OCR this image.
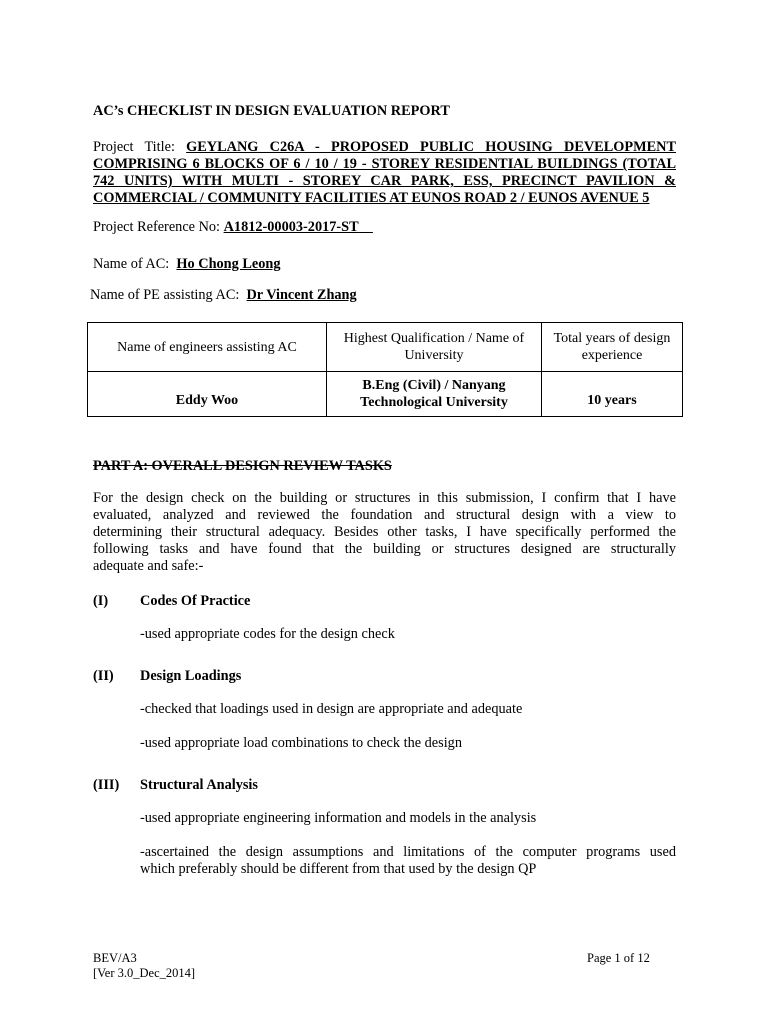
AC’s CHECKLIST IN DESIGN EVALUATION REPORT
Project Title: GEYLANG C26A - PROPOSED PUBLIC HOUSING DEVELOPMENT
COMPRISING 6 BLOCKS OF 6 / 10 / 19 - STOREY RESIDENTIAL BUILDINGS (TOTAL
742 UNITS) WITH MULTI - STOREY CAR PARK, ESS, PRECINCT PAVILION &
COMMERCIAL / COMMUNITY FACILITIES AT EUNOS ROAD 2 / EUNOS AVENUE 5
Project Reference No: A1812-00003-2017-ST
Name of AC: Ho Chong Leong
Name of PE assisting AC: Dr Vincent Zhang
Name of engineers assisting AC	Highest Qualification / Name of University	Total years of design experience
Eddy Woo	B.Eng (Civil) / Nanyang Technological University	10 years
PART A: OVERALL DESIGN REVIEW TASKS
For the design check on the building or structures in this submission, I confirm that I have
evaluated, analyzed and reviewed the foundation and structural design with a view to
determining their structural adequacy. Besides other tasks, I have specifically performed the
following tasks and have found that the building or structures designed are structurally
adequate and safe:-
(I) Codes Of Practice
-used appropriate codes for the design check
(II) Design Loadings
-checked that loadings used in design are appropriate and adequate
-used appropriate load combinations to check the design
(III) Structural Analysis
-used appropriate engineering information and models in the analysis
-ascertained the design assumptions and limitations of the computer programs used
which preferably should be different from that used by the design QP
BEV/A3
[Ver 3.0_Dec_2014]
Page 1 of 12
